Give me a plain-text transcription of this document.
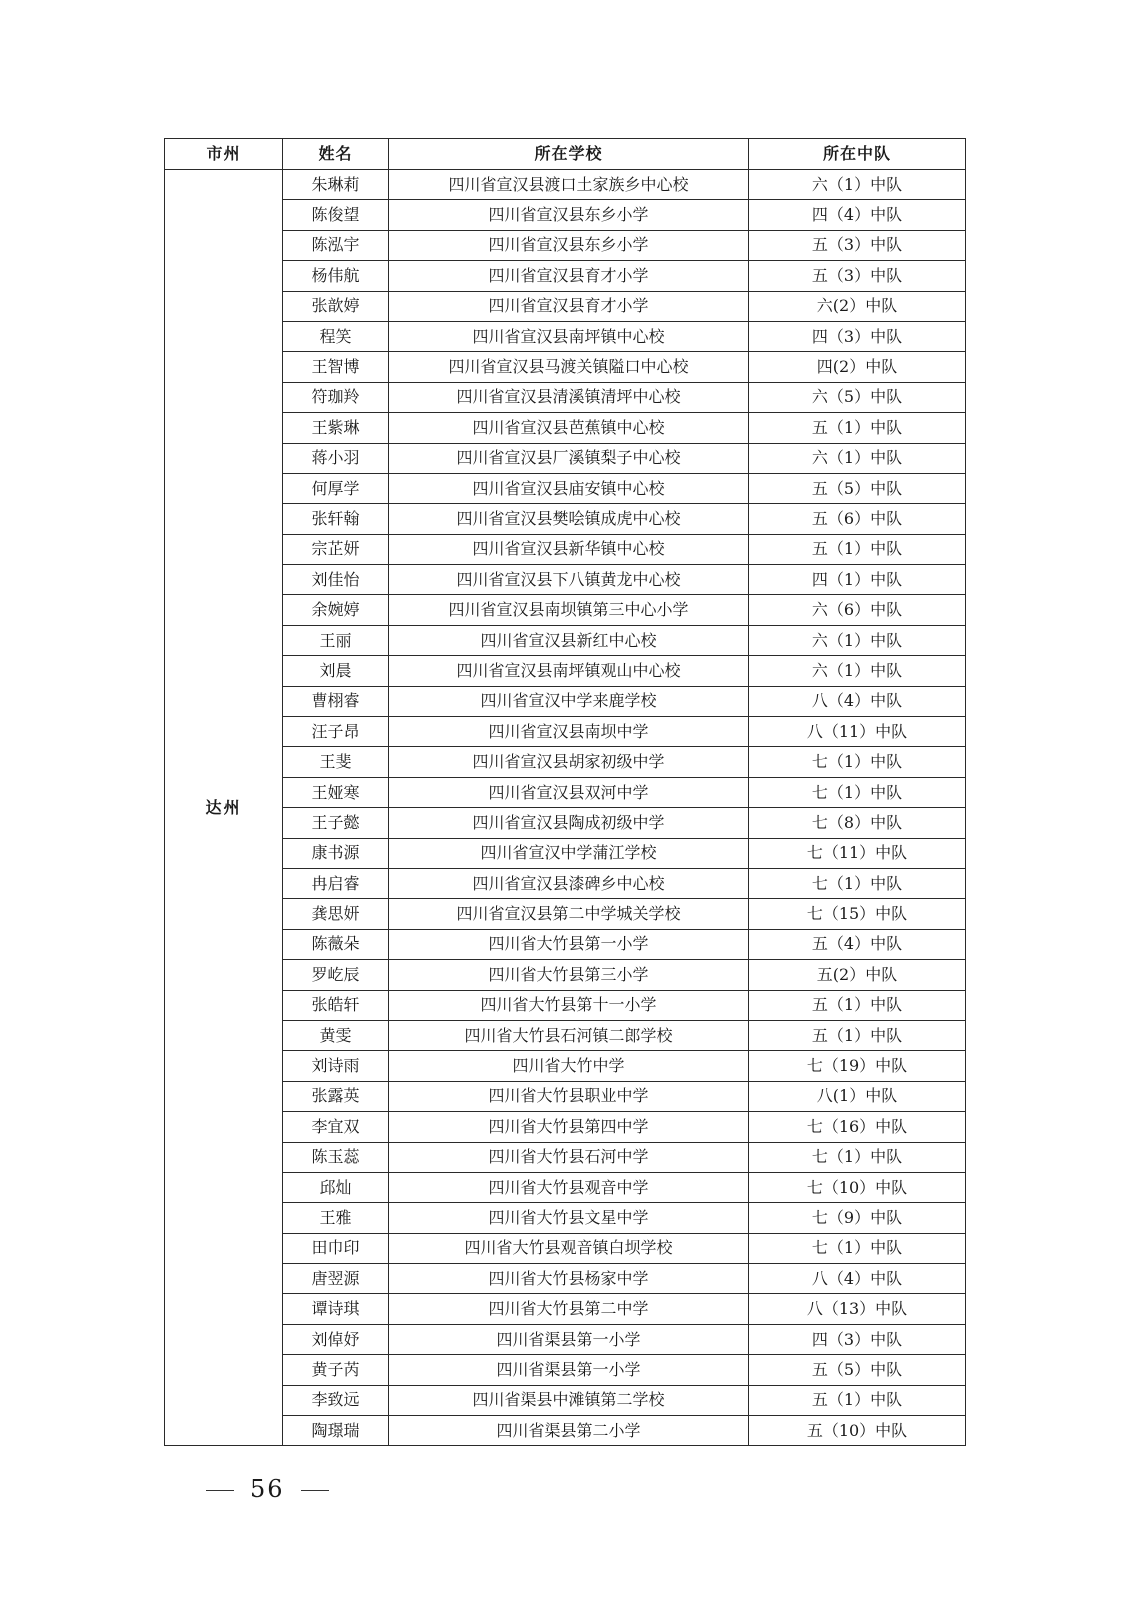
市州	姓名	所在学校	所在中队
达州	朱琳莉	四川省宣汉县渡口土家族乡中心校	六（1）中队
	陈俊望	四川省宣汉县东乡小学	四（4）中队
	陈泓宇	四川省宣汉县东乡小学	五（3）中队
	杨伟航	四川省宣汉县育才小学	五（3）中队
	张歆婷	四川省宣汉县育才小学	六(2）中队
	程笑	四川省宣汉县南坪镇中心校	四（3）中队
	王智博	四川省宣汉县马渡关镇隘口中心校	四(2）中队
	符珈羚	四川省宣汉县清溪镇清坪中心校	六（5）中队
	王紫琳	四川省宣汉县芭蕉镇中心校	五（1）中队
	蒋小羽	四川省宣汉县厂溪镇梨子中心校	六（1）中队
	何厚学	四川省宣汉县庙安镇中心校	五（5）中队
	张轩翰	四川省宣汉县樊哙镇成虎中心校	五（6）中队
	宗芷妍	四川省宣汉县新华镇中心校	五（1）中队
	刘佳怡	四川省宣汉县下八镇黄龙中心校	四（1）中队
	余婉婷	四川省宣汉县南坝镇第三中心小学	六（6）中队
	王丽	四川省宣汉县新红中心校	六（1）中队
	刘晨	四川省宣汉县南坪镇观山中心校	六（1）中队
	曹栩睿	四川省宣汉中学来鹿学校	八（4）中队
	汪子昂	四川省宣汉县南坝中学	八（11）中队
	王斐	四川省宣汉县胡家初级中学	七（1）中队
	王娅寒	四川省宣汉县双河中学	七（1）中队
	王子懿	四川省宣汉县陶成初级中学	七（8）中队
	康书源	四川省宣汉中学蒲江学校	七（11）中队
	冉启睿	四川省宣汉县漆碑乡中心校	七（1）中队
	龚思妍	四川省宣汉县第二中学城关学校	七（15）中队
	陈薇朵	四川省大竹县第一小学	五（4）中队
	罗屹辰	四川省大竹县第三小学	五(2）中队
	张皓轩	四川省大竹县第十一小学	五（1）中队
	黄雯	四川省大竹县石河镇二郎学校	五（1）中队
	刘诗雨	四川省大竹中学	七（19）中队
	张露英	四川省大竹县职业中学	八(1）中队
	李宜双	四川省大竹县第四中学	七（16）中队
	陈玉蕊	四川省大竹县石河中学	七（1）中队
	邱灿	四川省大竹县观音中学	七（10）中队
	王雅	四川省大竹县文星中学	七（9）中队
	田巾印	四川省大竹县观音镇白坝学校	七（1）中队
	唐翌源	四川省大竹县杨家中学	八（4）中队
	谭诗琪	四川省大竹县第二中学	八（13）中队
	刘倬妤	四川省渠县第一小学	四（3）中队
	黄子芮	四川省渠县第一小学	五（5）中队
	李致远	四川省渠县中滩镇第二学校	五（1）中队
	陶璟瑞	四川省渠县第二小学	五（10）中队
56
